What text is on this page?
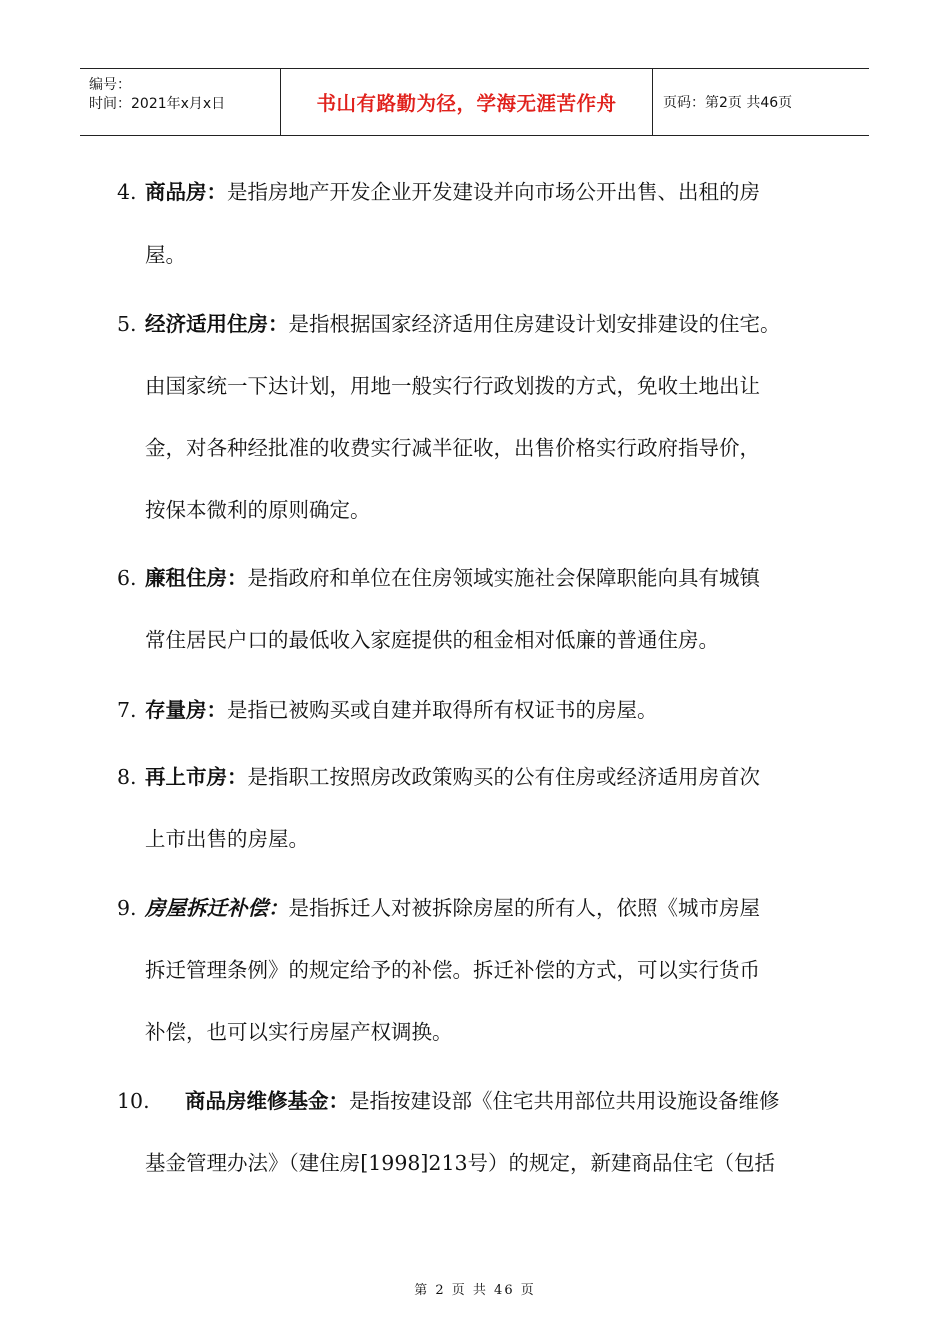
编号：
时间：2021年x月x日	书山有路勤为径，学海无涯苦作舟	页码：第2页 共46页
4. 商品房：是指房地产开发企业开发建设并向市场公开出售、出租的房
屋。
5. 经济适用住房：是指根据国家经济适用住房建设计划安排建设的住宅。
由国家统一下达计划，用地一般实行行政划拨的方式，免收土地出让
金，对各种经批准的收费实行减半征收，出售价格实行政府指导价，
按保本微利的原则确定。
6. 廉租住房：是指政府和单位在住房领域实施社会保障职能向具有城镇
常住居民户口的最低收入家庭提供的租金相对低廉的普通住房。
7. 存量房：是指已被购买或自建并取得所有权证书的房屋。
8. 再上市房：是指职工按照房改政策购买的公有住房或经济适用房首次
上市出售的房屋。
9. 房屋拆迁补偿：是指拆迁人对被拆除房屋的所有人，依照《城市房屋
拆迁管理条例》的规定给予的补偿。拆迁补偿的方式，可以实行货币
补偿，也可以实行房屋产权调换。
10. 商品房维修基金：是指按建设部《住宅共用部位共用设施设备维修
基金管理办法》（建住房[1998]213号）的规定，新建商品住宅（包括
第 2 页 共 46 页
